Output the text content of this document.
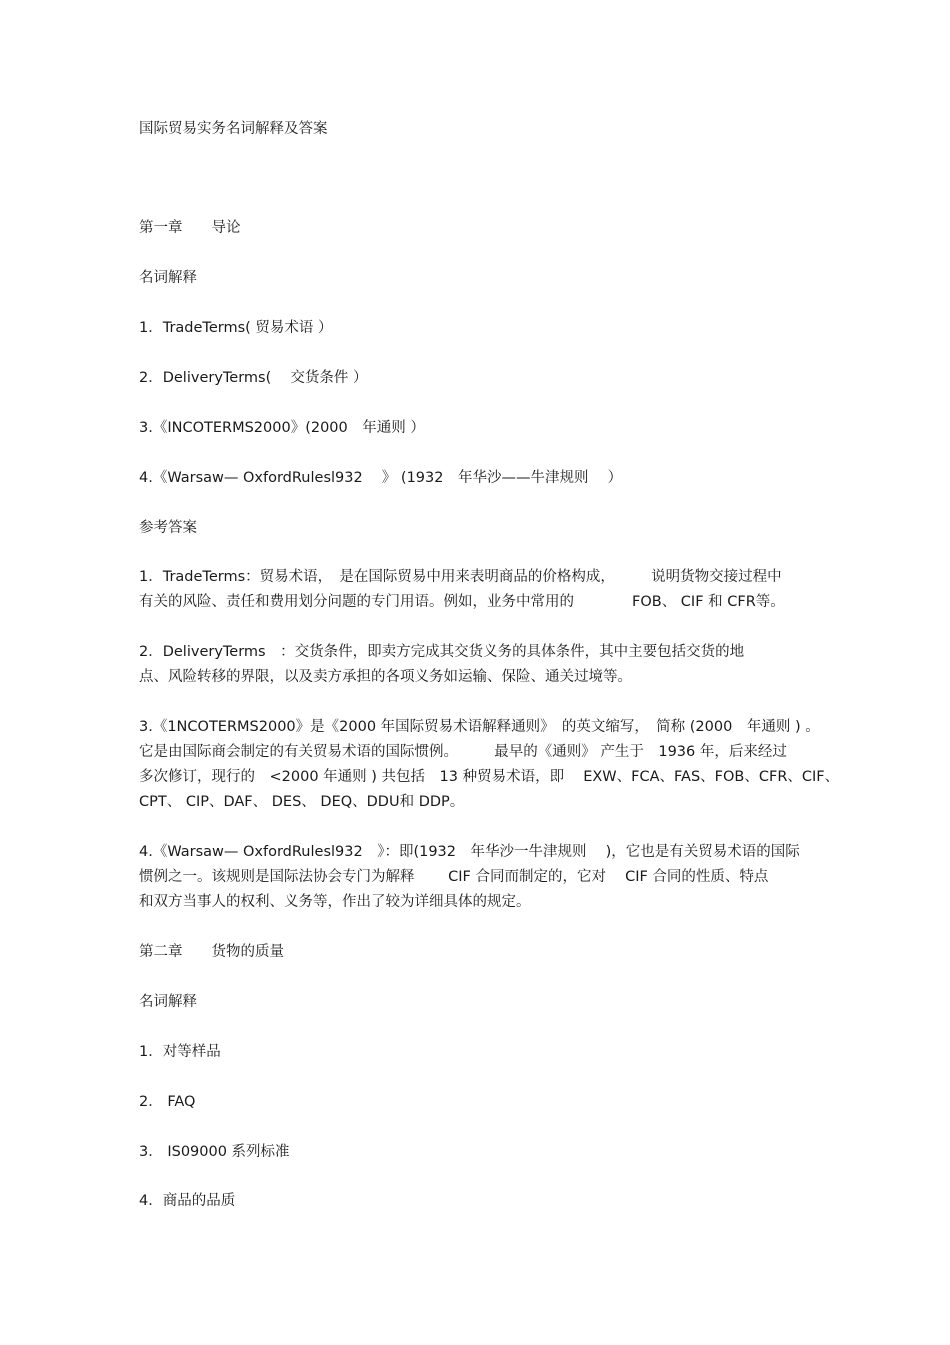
国际贸易实务名词解释及答案
第一章　　导论
名词解释
1．TradeTerms( 贸易术语 ）
2．DeliveryTerms(　 交货条件 ）
3.《INCOTERMS2000》(2000　年通则 ）
4.《Warsaw— OxfordRulesl932　 》 (1932　年华沙——牛津规则　 ）
参考答案
1．TradeTerms：贸易术语，　是在国际贸易中用来表明商品的价格构成，　　　说明货物交接过程中
有关的风险、责任和费用划分问题的专门用语。例如，业务中常用的　　　　FOB、 CIF 和 CFR等。
2．DeliveryTerms　：交货条件，即卖方完成其交货义务的具体条件，其中主要包括交货的地
点、风险转移的界限，以及卖方承担的各项义务如运输、保险、通关过境等。
3.《1NCOTERMS2000》是《2000 年国际贸易术语解释通则》　的英文缩写，　简称 (2000　年通则 ) 。
它是由国际商会制定的有关贸易术语的国际惯例。　　　最早的《通则》 产生于　1936 年，后来经过
多次修订，现行的　<2000 年通则 ) 共包括　13 种贸易术语，即　 EXW、FCA、FAS、FOB、CFR、CIF、
CPT、 CIP、DAF、 DES、 DEQ、DDU和 DDP。
4.《Warsaw— OxfordRulesl932　》：即(1932　年华沙一牛津规则　 )，它也是有关贸易术语的国际
惯例之一。该规则是国际法协会专门为解释　　 CIF 合同而制定的，它对　 CIF 合同的性质、特点
和双方当事人的权利、义务等，作出了较为详细具体的规定。
第二章　　货物的质量
名词解释
1．对等样品
2． FAQ
3． IS09000 系列标准
4．商品的品质
